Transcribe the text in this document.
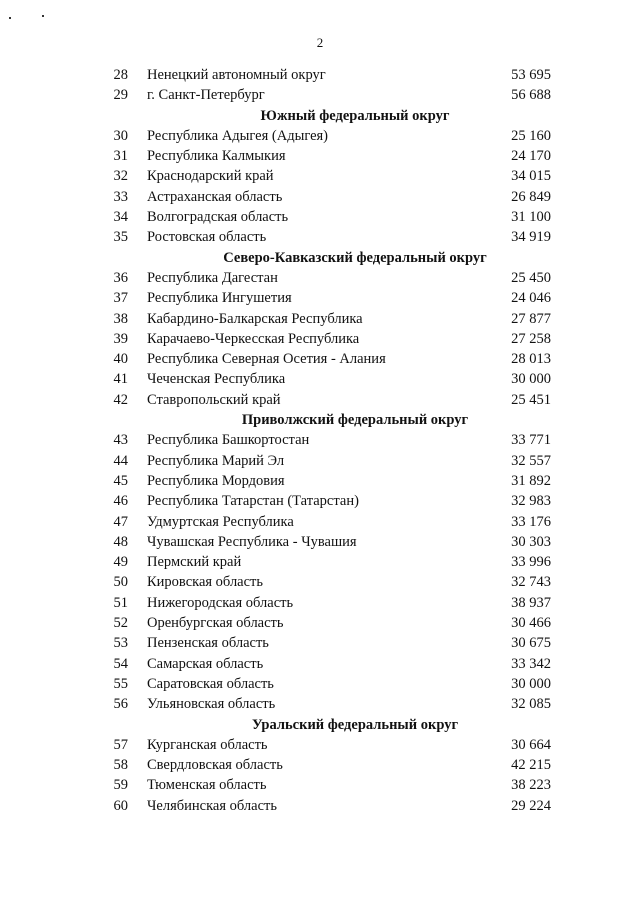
2
28 Ненецкий автономный округ	53 695
29 г. Санкт-Петербург	56 688
Южный федеральный округ
30 Республика Адыгея (Адыгея)	25 160
31 Республика Калмыкия	24 170
32 Краснодарский край	34 015
33 Астраханская область	26 849
34 Волгоградская область	31 100
35 Ростовская область	34 919
Северо-Кавказский федеральный округ
36 Республика Дагестан	25 450
37 Республика Ингушетия	24 046
38 Кабардино-Балкарская Республика	27 877
39 Карачаево-Черкесская Республика	27 258
40 Республика Северная Осетия - Алания	28 013
41 Чеченская Республика	30 000
42 Ставропольский край	25 451
Приволжский федеральный округ
43 Республика Башкортостан	33 771
44 Республика Марий Эл	32 557
45 Республика Мордовия	31 892
46 Республика Татарстан (Татарстан)	32 983
47 Удмуртская Республика	33 176
48 Чувашская Республика - Чувашия	30 303
49 Пермский край	33 996
50 Кировская область	32 743
51 Нижегородская область	38 937
52 Оренбургская область	30 466
53 Пензенская область	30 675
54 Самарская область	33 342
55 Саратовская область	30 000
56 Ульяновская область	32 085
Уральский федеральный округ
57 Курганская область	30 664
58 Свердловская область	42 215
59 Тюменская область	38 223
60 Челябинская область	29 224
